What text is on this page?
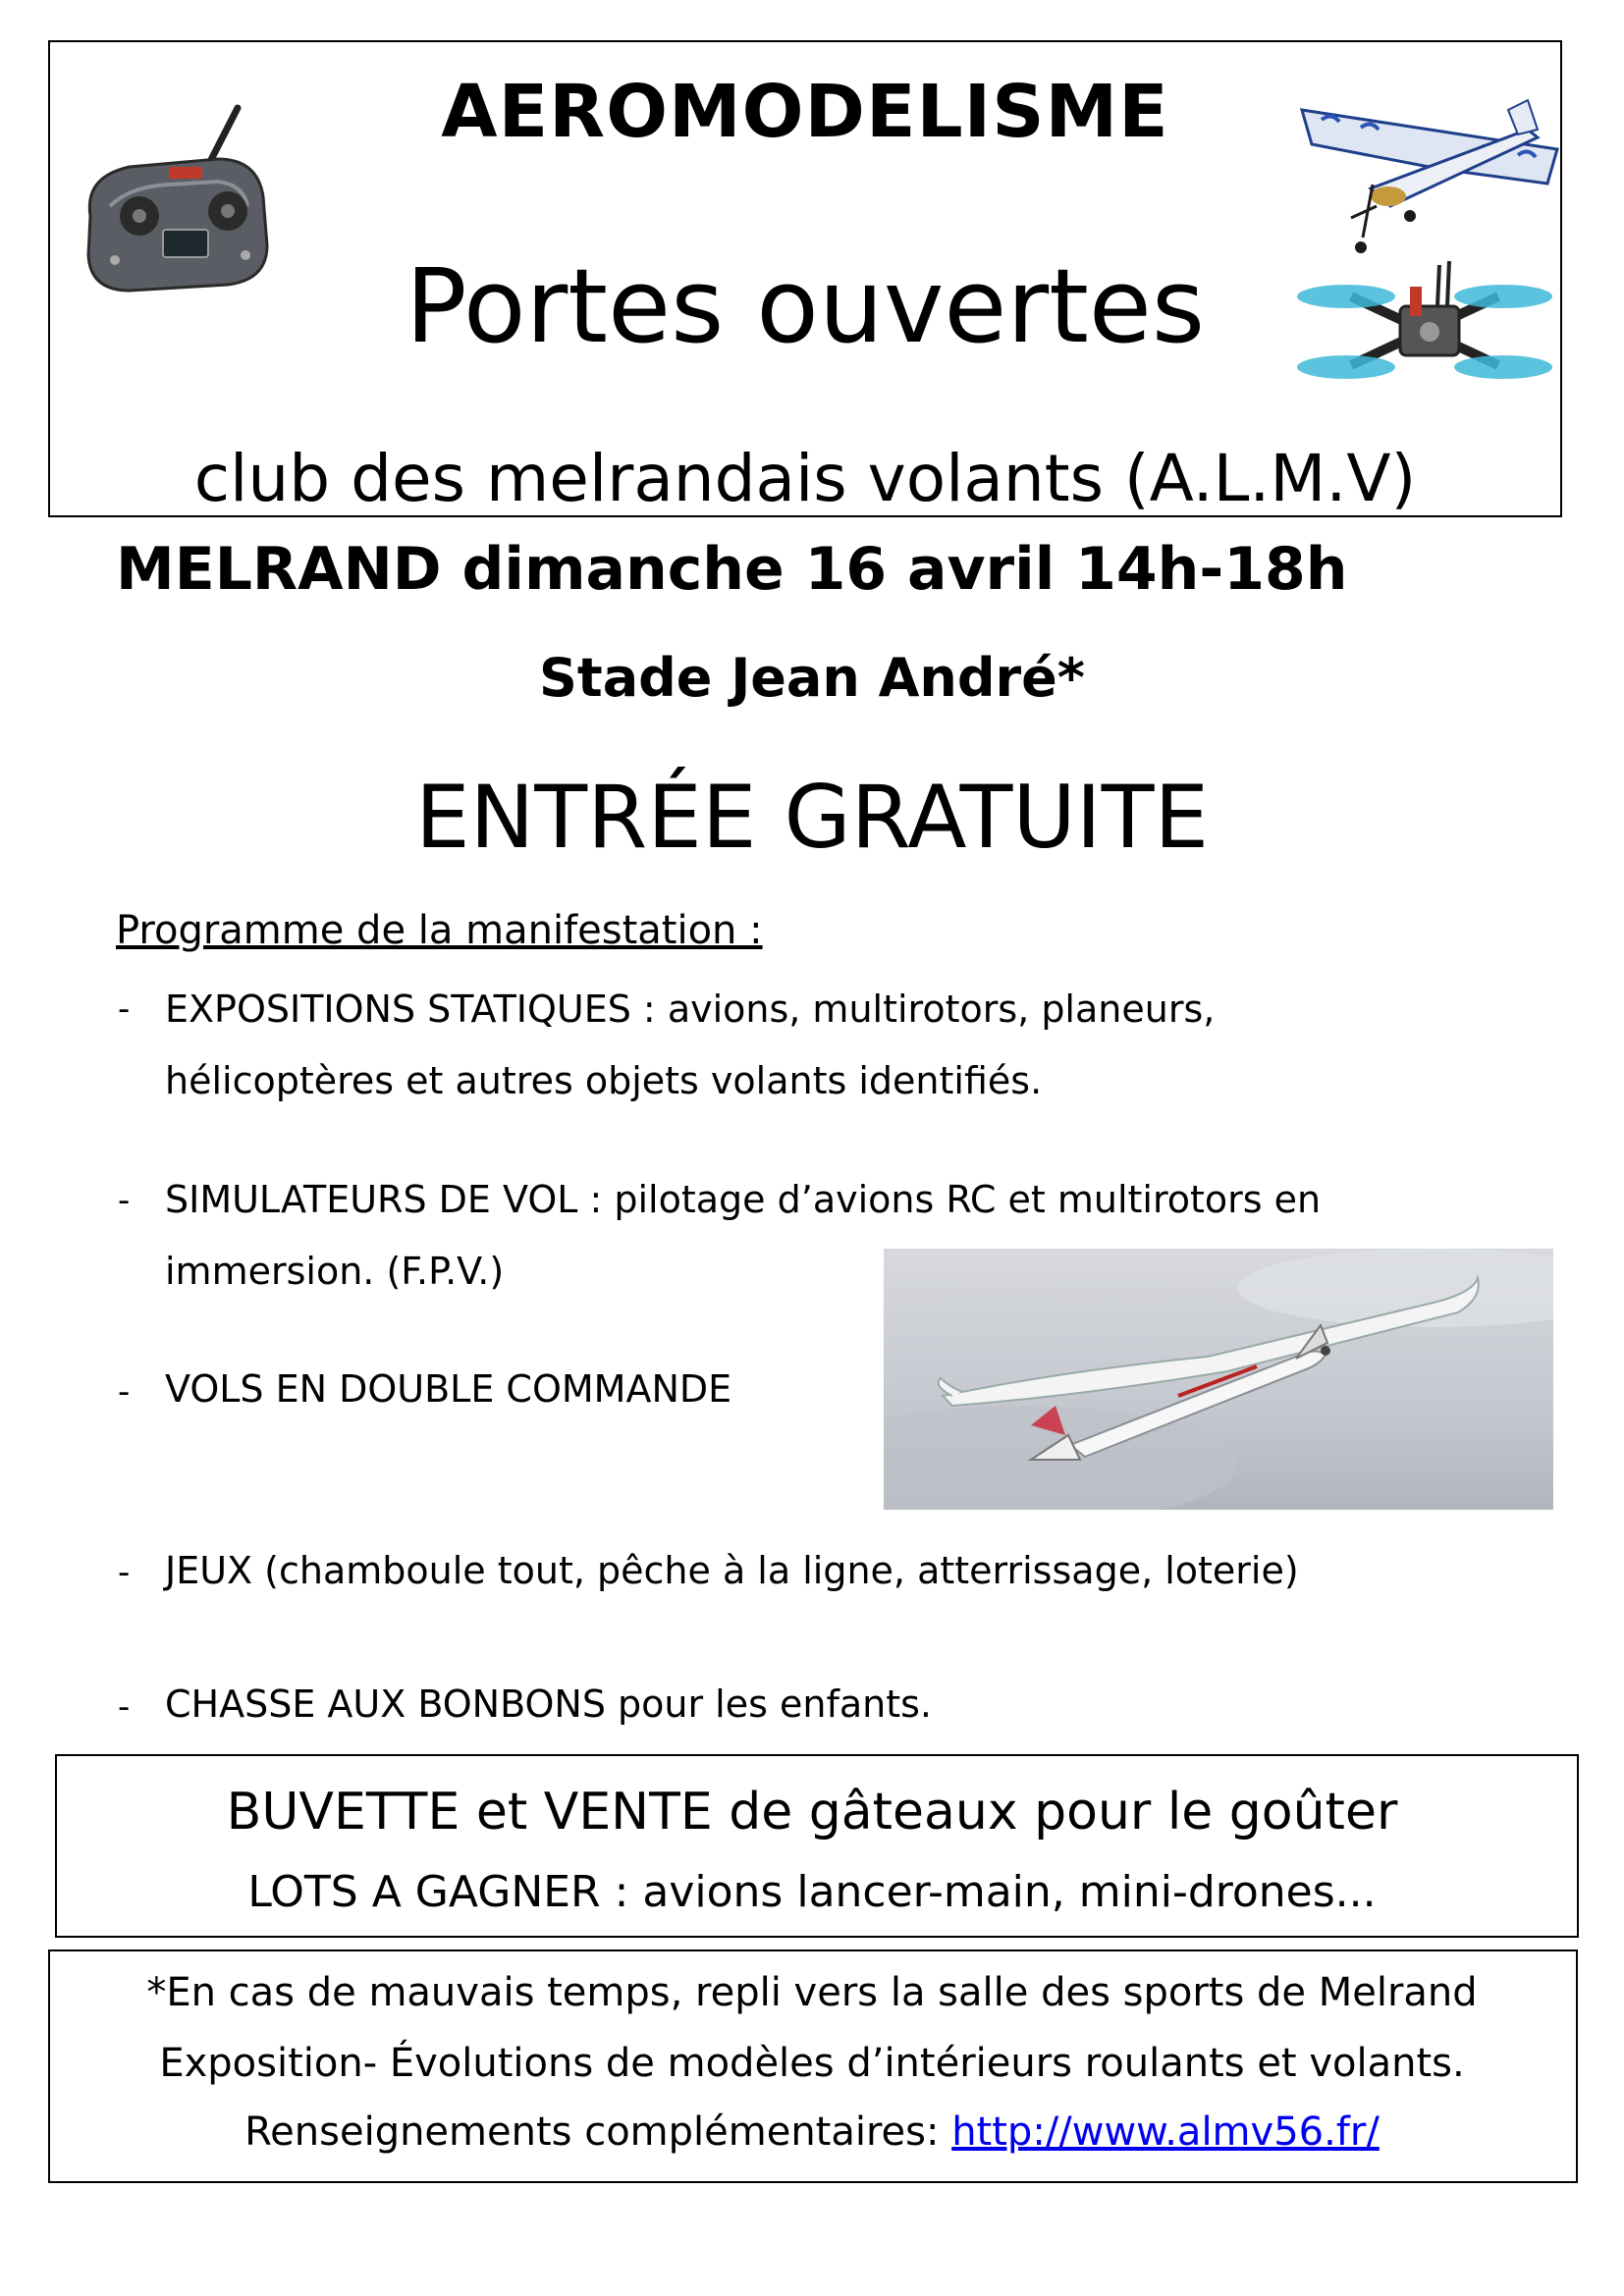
AEROMODELISME
Portes ouvertes
club des melrandais volants (A.L.M.V)
MELRAND dimanche 16 avril 14h-18h
Stade Jean André*
ENTRÉE GRATUITE
Programme de la manifestation :
- EXPOSITIONS STATIQUES : avions, multirotors, planeurs,
hélicoptères et autres objets volants identifiés.
- SIMULATEURS DE VOL : pilotage d’avions RC et multirotors en
immersion. (F.P.V.)
- VOLS EN DOUBLE COMMANDE
- JEUX (chamboule tout, pêche à la ligne, atterrissage, loterie)
- CHASSE AUX BONBONS pour les enfants.
BUVETTE et VENTE de gâteaux pour le goûter
LOTS A GAGNER : avions lancer-main, mini-drones...
*En cas de mauvais temps, repli vers la salle des sports de Melrand
Exposition- Évolutions de modèles d’intérieurs roulants et volants.
Renseignements complémentaires: http://www.almv56.fr/
